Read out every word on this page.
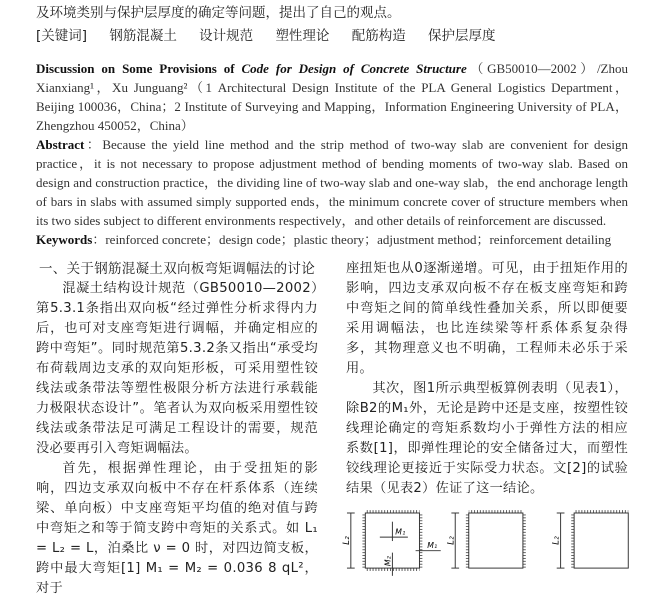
及环境类别与保护层厚度的确定等问题，提出了自己的观点。
[关键词] 钢筋混凝土 设计规范 塑性理论 配筋构造 保护层厚度
Discussion on Some Provisions of Code for Design of Concrete Structure（GB50010—2002）/Zhou Xianxiang¹，Xu Junguang²（1 Architectural Design Institute of the PLA General Logistics Department，Beijing 100036，China；2 Institute of Surveying and Mapping，Information Engineering University of PLA，Zhengzhou 450052，China）
Abstract：Because the yield line method and the strip method of two-way slab are convenient for design practice，it is not necessary to propose adjustment method of bending moments of two-way slab. Based on design and construction practice，the dividing line of two-way slab and one-way slab，the end anchorage length of bars in slabs with assumed simply supported ends，the minimum concrete cover of structure members when its two sides subject to different environments respectively，and other details of reinforcement are discussed.
Keywords：reinforced concrete；design code；plastic theory；adjustment method；reinforcement detailing
一、关于钢筋混凝土双向板弯矩调幅法的讨论

混凝土结构设计规范（GB50010—2002）第5.3.1条指出双向板“经过弹性分析求得内力后，也可对支座弯矩进行调幅，并确定相应的跨中弯矩”。同时规范第5.3.2条又指出“承受均布荷载周边支承的双向矩形板，可采用塑性铰线法或条带法等塑性极限分析方法进行承载能力极限状态设计”。笔者认为双向板采用塑性铰线法或条带法足可满足工程设计的需要，规范没必要再引入弯矩调幅法。

首先，根据弹性理论，由于受扭矩的影响，四边支承双向板中不存在杆系体系（连续梁、单向板）中支座弯矩平均值的绝对值与跨中弯矩之和等于简支跨中弯矩的关系式。如 L₁ = L₂ = L，泊桑比 ν = 0 时，对四边简支板，跨中最大弯矩[1] M₁ = M₂ = 0.036 8 qL²，对于

座扭矩也从0逐渐递增。可见，由于扭矩作用的影响，四边支承双向板不存在板支座弯矩和跨中弯矩之间的简单线性叠加关系，所以即便要采用调幅法，也比连续梁等杆系体系复杂得多，其物理意义也不明确，工程师未必乐于采用。

其次，图1所示典型板算例表明（见表1），除B2的M₁外，无论是跨中还是支座，按塑性铰线理论确定的弯矩系数均小于弹性方法的相应系数[1]，即弹性理论的安全储备过大，而塑性铰线理论更接近于实际受力状态。文[2]的试验结果（见表2）佐证了这一结论。

L₂
M₁
M₂
M₁
L₂	L₂
